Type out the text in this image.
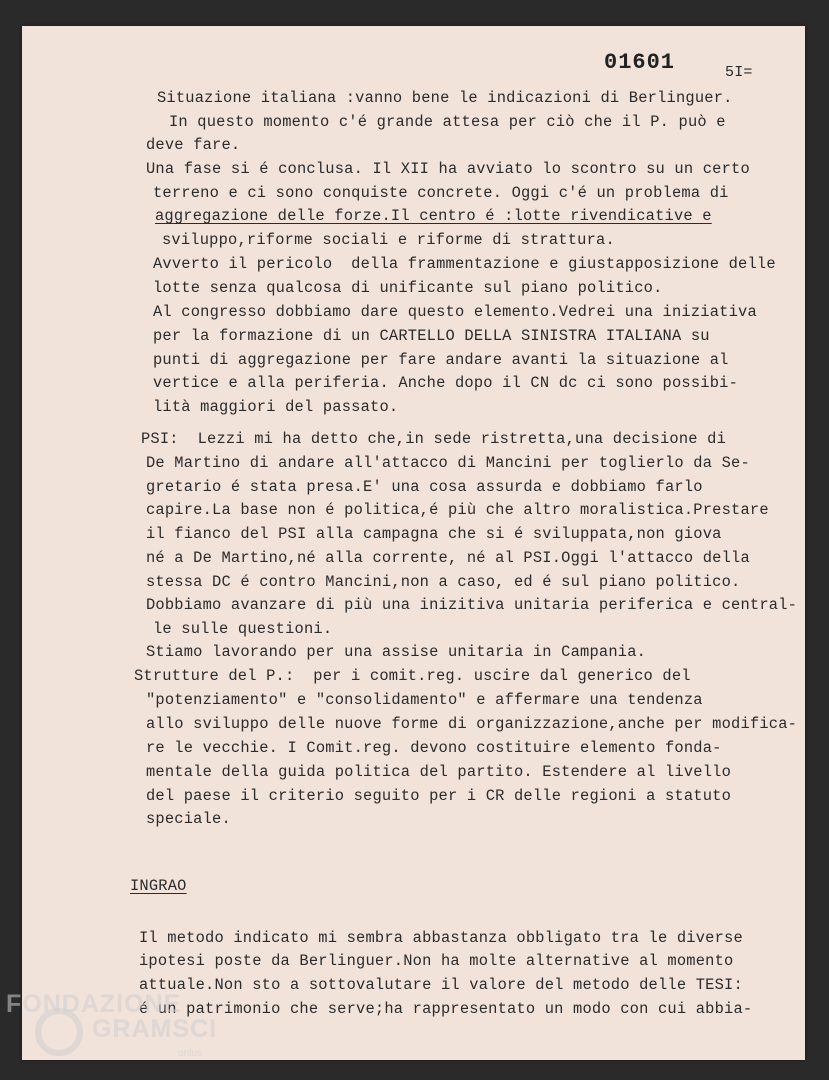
01601	5I=
Situazione italiana :vanno bene le indicazioni di Berlinguer.
In questo momento c'é grande attesa per ciò che il P. può e
deve fare.
Una fase si é conclusa. Il XII ha avviato lo scontro su un certo
terreno e ci sono conquiste concrete. Oggi c'é un problema di
aggregazione delle forze.Il centro é :lotte rivendicative e
sviluppo,riforme sociali e riforme di strattura.
Avverto il pericolo  della frammentazione e giustapposizione delle
lotte senza qualcosa di unificante sul piano politico.
Al congresso dobbiamo dare questo elemento.Vedrei una iniziativa
per la formazione di un CARTELLO DELLA SINISTRA ITALIANA su
punti di aggregazione per fare andare avanti la situazione al
vertice e alla periferia. Anche dopo il CN dc ci sono possibi-
lità maggiori del passato.
PSI:  Lezzi mi ha detto che,in sede ristretta,una decisione di
De Martino di andare all'attacco di Mancini per toglierlo da Se-
gretario é stata presa.E' una cosa assurda e dobbiamo farlo
capire.La base non é politica,é più che altro moralistica.Prestare
il fianco del PSI alla campagna che si é sviluppata,non giova
né a De Martino,né alla corrente, né al PSI.Oggi l'attacco della
stessa DC é contro Mancini,non a caso, ed é sul piano politico.
Dobbiamo avanzare di più una inizitiva unitaria periferica e central-
le sulle questioni.
Stiamo lavorando per una assise unitaria in Campania.
Strutture del P.:  per i comit.reg. uscire dal generico del
"potenziamento" e "consolidamento" e affermare una tendenza
allo sviluppo delle nuove forme di organizzazione,anche per modifica-
re le vecchie. I Comit.reg. devono costituire elemento fonda-
mentale della guida politica del partito. Estendere al livello
del paese il criterio seguito per i CR delle regioni a statuto
speciale.
INGRAO
Il metodo indicato mi sembra abbastanza obbligato tra le diverse
ipotesi poste da Berlinguer.Non ha molte alternative al momento
attuale.Non sto a sottovalutare il valore del metodo delle TESI:
é un patrimonio che serve;ha rappresentato un modo con cui abbia-
FONDAZIONE
GRAMSCI
onlus
